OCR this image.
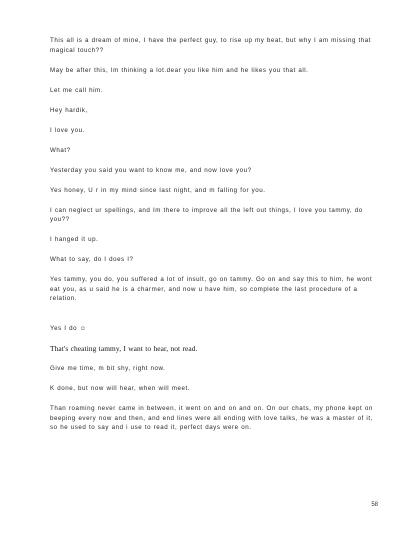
This all is a dream of mine, I have the perfect guy, to rise up my beat, but why I am missing that magical touch??

May be after this, Im thinking a lot.dear you like him and he likes you that all.

Let me call him.

Hey hardik,

I love you.

What?

Yesterday you said you want to know me, and now love you?

Yes honey, U r in my mind since last night, and m falling for you.

I can neglect ur spellings, and Im there to improve all the left out things, I love you tammy, do you??

I hanged it up.

What to say, do I does I?

Yes tammy, you do, you suffered a lot of insult, go on tammy. Go on and say this to him, he wont eat you, as u said he is a charmer, and now u have him, so complete the last procedure of a relation.

Yes I do ☺

That's cheating tammy, I want to hear, not read.

Give me time, m bit shy, right now.

K done, but now will hear, when will meet.

Than roaming never came in between, it went on and on and on. On our chats, my phone kept on beeping every now and then, and end lines were all ending with love talks, he was a master of it, so he used to say and i use to read it, perfect days were on.

58
